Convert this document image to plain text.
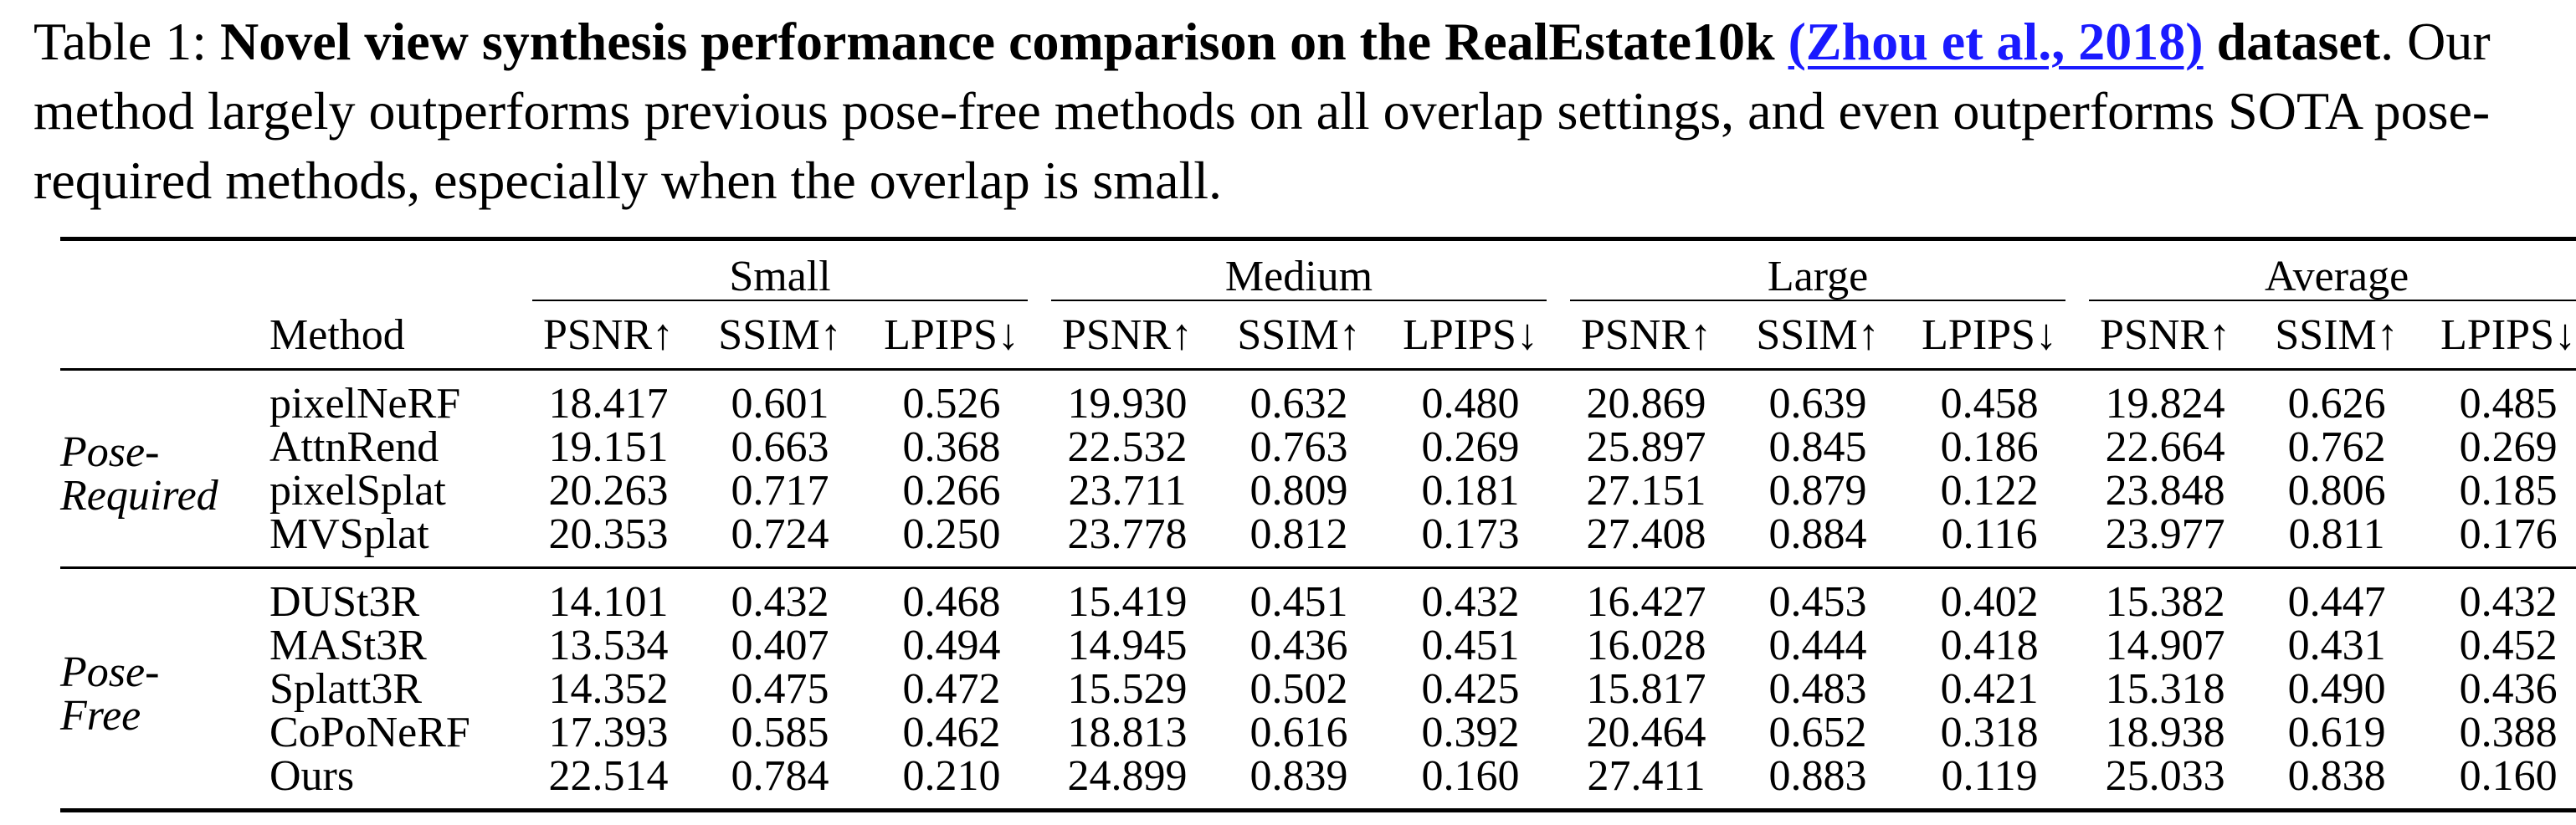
Table 1: Novel view synthesis performance comparison on the RealEstate10k (Zhou et al., 2018) dataset. Our method largely outperforms previous pose-free methods on all overlap settings, and even outperforms SOTA pose-required methods, especially when the overlap is small.
		Small			Medium			Large			Average		
	Method	PSNR↑	SSIM↑	LPIPS↓	PSNR↑	SSIM↑	LPIPS↓	PSNR↑	SSIM↑	LPIPS↓	PSNR↑	SSIM↑	LPIPS↓

Pose-
Required	pixelNeRF	18.417	0.601	0.526	19.930	0.632	0.480	20.869	0.639	0.458	19.824	0.626	0.485
	AttnRend	19.151	0.663	0.368	22.532	0.763	0.269	25.897	0.845	0.186	22.664	0.762	0.269
	pixelSplat	20.263	0.717	0.266	23.711	0.809	0.181	27.151	0.879	0.122	23.848	0.806	0.185
	MVSplat	20.353	0.724	0.250	23.778	0.812	0.173	27.408	0.884	0.116	23.977	0.811	0.176

Pose-
Free	DUSt3R	14.101	0.432	0.468	15.419	0.451	0.432	16.427	0.453	0.402	15.382	0.447	0.432
	MASt3R	13.534	0.407	0.494	14.945	0.436	0.451	16.028	0.444	0.418	14.907	0.431	0.452
	Splatt3R	14.352	0.475	0.472	15.529	0.502	0.425	15.817	0.483	0.421	15.318	0.490	0.436
	CoPoNeRF	17.393	0.585	0.462	18.813	0.616	0.392	20.464	0.652	0.318	18.938	0.619	0.388
	Ours	22.514	0.784	0.210	24.899	0.839	0.160	27.411	0.883	0.119	25.033	0.838	0.160
